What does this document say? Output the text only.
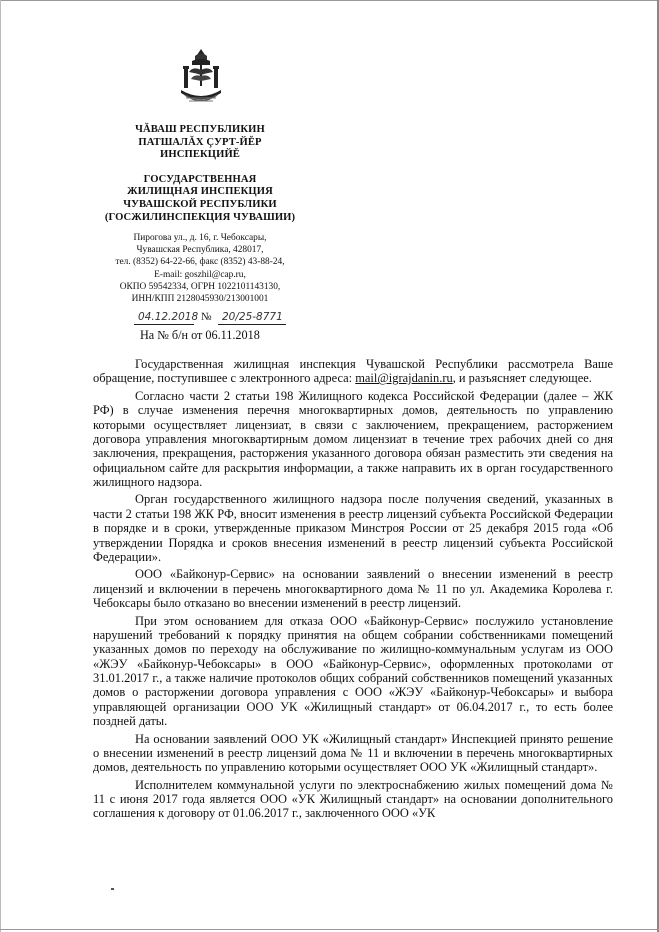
ЧĂВАШ РЕСПУБЛИКИН
ПАТШАЛĂХ ÇУРТ-ЙĔР
ИНСПЕКЦИЙĔ
ГОСУДАРСТВЕННАЯ
ЖИЛИЩНАЯ ИНСПЕКЦИЯ
ЧУВАШСКОЙ РЕСПУБЛИКИ
(ГОСЖИЛИНСПЕКЦИЯ ЧУВАШИИ)
Пирогова ул., д. 16, г. Чебоксары,
Чувашская Республика, 428017,
тел. (8352) 64-22-66, факс (8352) 43-88-24,
E-mail: goszhil@cap.ru,
ОКПО 59542334, ОГРН 1022101143130,
ИНН/КПП 2128045930/213001001
04.12.2018 № 20/25-8771
На № б/н от 06.11.2018

Государственная жилищная инспекция Чувашской Республики рассмотрела Ваше обращение, поступившее с электронного адреса: mail@igrajdanin.ru, и разъясняет следующее.

Согласно части 2 статьи 198 Жилищного кодекса Российской Федерации (далее – ЖК РФ) в случае изменения перечня многоквартирных домов, деятельность по управлению которыми осуществляет лицензиат, в связи с заключением, прекращением, расторжением договора управления многоквартирным домом лицензиат в течение трех рабочих дней со дня заключения, прекращения, расторжения указанного договора обязан разместить эти сведения на официальном сайте для раскрытия информации, а также направить их в орган государственного жилищного надзора.

Орган государственного жилищного надзора после получения сведений, указанных в части 2 статьи 198 ЖК РФ, вносит изменения в реестр лицензий субъекта Российской Федерации в порядке и в сроки, утвержденные приказом Минстроя России от 25 декабря 2015 года «Об утверждении Порядка и сроков внесения изменений в реестр лицензий субъекта Российской Федерации».

ООО «Байконур-Сервис» на основании заявлений о внесении изменений в реестр лицензий и включении в перечень многоквартирного дома № 11 по ул. Академика Королева г. Чебоксары было отказано во внесении изменений в реестр лицензий.

При этом основанием для отказа ООО «Байконур-Сервис» послужило установление нарушений требований к порядку принятия на общем собрании собственниками помещений указанных домов по переходу на обслуживание по жилищно-коммунальным услугам из ООО «ЖЭУ «Байконур-Чебоксары» в ООО «Байконур-Сервис», оформленных протоколами от 31.01.2017 г., а также наличие протоколов общих собраний собственников помещений указанных домов о расторжении договора управления с ООО «ЖЭУ «Байконур-Чебоксары» и выбора управляющей организации ООО УК «Жилищный стандарт» от 06.04.2017 г., то есть более поздней даты.

На основании заявлений ООО УК «Жилищный стандарт» Инспекцией принято решение о внесении изменений в реестр лицензий дома № 11 и включении в перечень многоквартирных домов, деятельность по управлению которыми осуществляет ООО УК «Жилищный стандарт».

Исполнителем коммунальной услуги по электроснабжению жилых помещений дома № 11 с июня 2017 года является ООО «УК Жилищный стандарт» на основании дополнительного соглашения к договору от 01.06.2017 г., заключенного ООО «УК
